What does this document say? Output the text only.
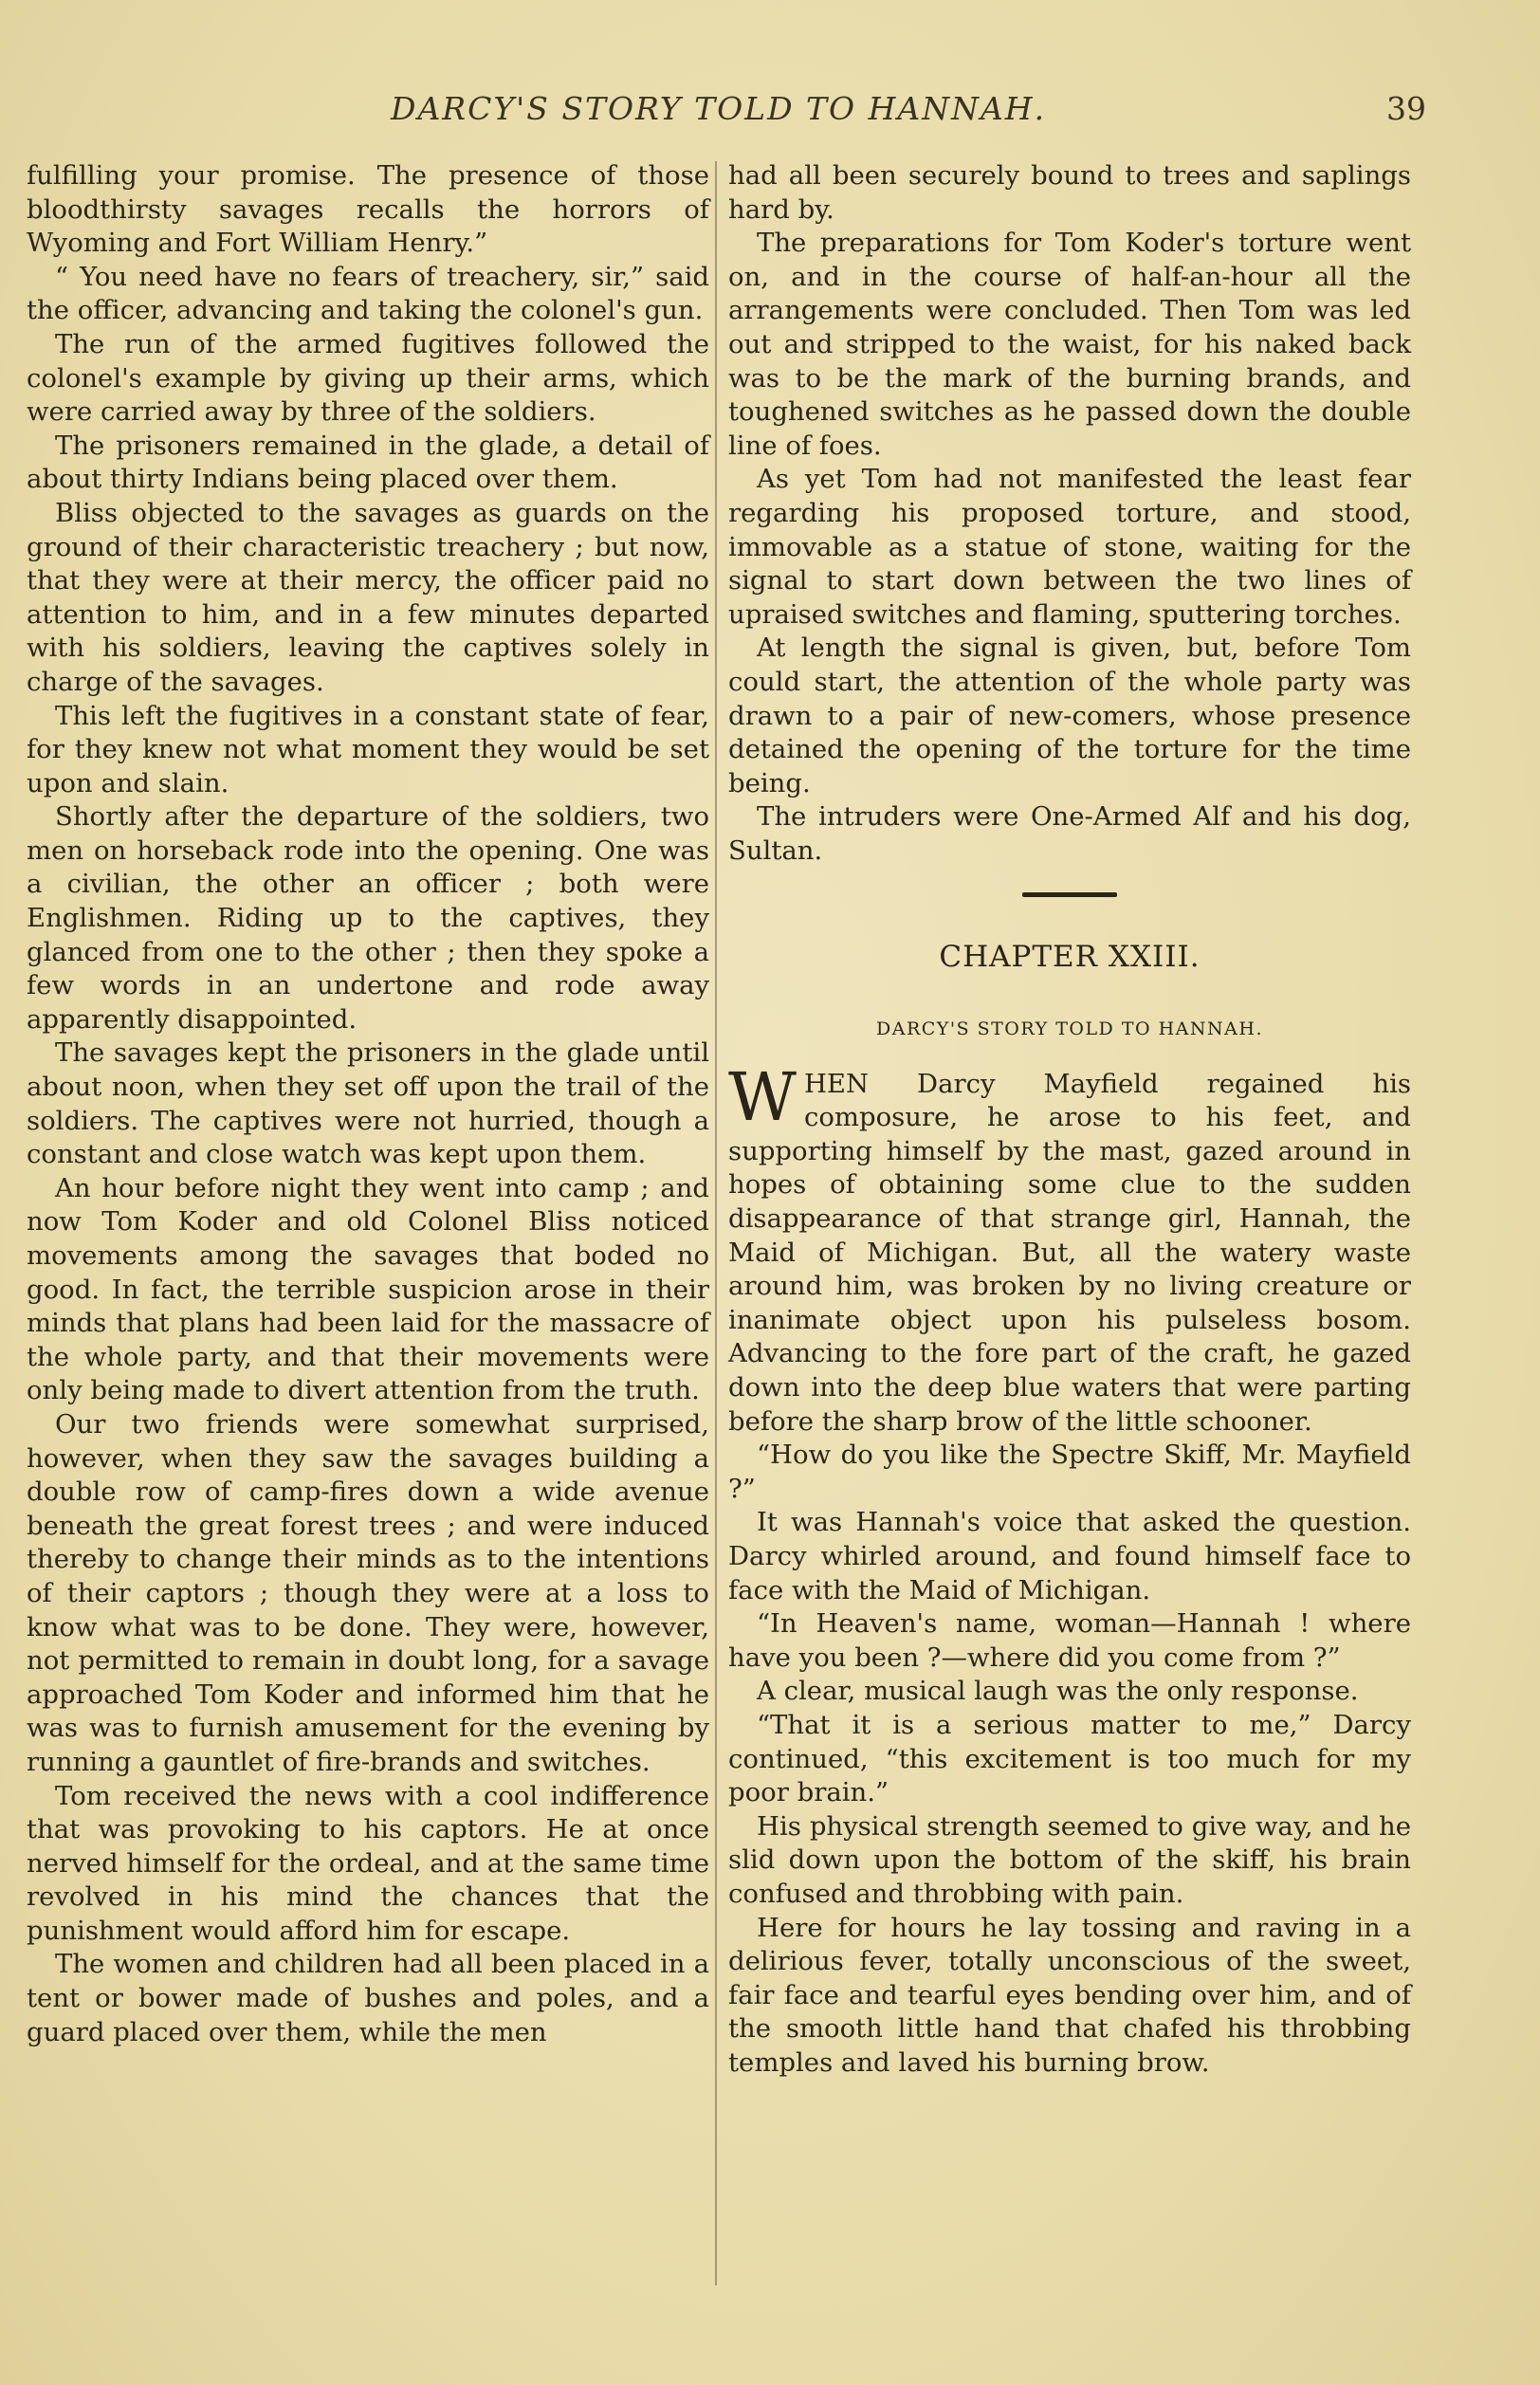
DARCY'S STORY TOLD TO HANNAH.	39

fulfilling your promise. The presence of those bloodthirsty savages recalls the horrors of Wyoming and Fort William Henry.”

“ You need have no fears of treachery, sir,” said the officer, advancing and taking the colonel's gun.

The run of the armed fugitives followed the colonel's example by giving up their arms, which were carried away by three of the soldiers.

The prisoners remained in the glade, a detail of about thirty Indians being placed over them.

Bliss objected to the savages as guards on the ground of their characteristic treachery ; but now, that they were at their mercy, the officer paid no attention to him, and in a few minutes departed with his soldiers, leaving the captives solely in charge of the savages.

This left the fugitives in a constant state of fear, for they knew not what moment they would be set upon and slain.

Shortly after the departure of the soldiers, two men on horseback rode into the opening. One was a civilian, the other an officer ; both were Englishmen. Riding up to the captives, they glanced from one to the other ; then they spoke a few words in an undertone and rode away apparently disappointed.

The savages kept the prisoners in the glade until about noon, when they set off upon the trail of the soldiers. The captives were not hurried, though a constant and close watch was kept upon them.

An hour before night they went into camp ; and now Tom Koder and old Colonel Bliss noticed movements among the savages that boded no good. In fact, the terrible suspicion arose in their minds that plans had been laid for the massacre of the whole party, and that their movements were only being made to divert attention from the truth.

Our two friends were somewhat surprised, however, when they saw the savages building a double row of camp-fires down a wide avenue beneath the great forest trees ; and were induced thereby to change their minds as to the intentions of their captors ; though they were at a loss to know what was to be done. They were, however, not permitted to remain in doubt long, for a savage approached Tom Koder and informed him that he was was to furnish amusement for the evening by running a gauntlet of fire-brands and switches.

Tom received the news with a cool indifference that was provoking to his captors. He at once nerved himself for the ordeal, and at the same time revolved in his mind the chances that the punishment would afford him for escape.

The women and children had all been placed in a tent or bower made of bushes and poles, and a guard placed over them, while the men

had all been securely bound to trees and saplings hard by.

The preparations for Tom Koder's torture went on, and in the course of half-an-hour all the arrangements were concluded. Then Tom was led out and stripped to the waist, for his naked back was to be the mark of the burning brands, and toughened switches as he passed down the double line of foes.

As yet Tom had not manifested the least fear regarding his proposed torture, and stood, immovable as a statue of stone, waiting for the signal to start down between the two lines of upraised switches and flaming, sputtering torches.

At length the signal is given, but, before Tom could start, the attention of the whole party was drawn to a pair of new-comers, whose presence detained the opening of the torture for the time being.

The intruders were One-Armed Alf and his dog, Sultan.

CHAPTER XXIII.
DARCY'S STORY TOLD TO HANNAH.

WHEN Darcy Mayfield regained his composure, he arose to his feet, and supporting himself by the mast, gazed around in hopes of obtaining some clue to the sudden disappearance of that strange girl, Hannah, the Maid of Michigan. But, all the watery waste around him, was broken by no living creature or inanimate object upon his pulseless bosom. Advancing to the fore part of the craft, he gazed down into the deep blue waters that were parting before the sharp brow of the little schooner.

“How do you like the Spectre Skiff, Mr. Mayfield ?”

It was Hannah's voice that asked the question. Darcy whirled around, and found himself face to face with the Maid of Michigan.

“In Heaven's name, woman—Hannah ! where have you been ?—where did you come from ?”

A clear, musical laugh was the only response.

“That it is a serious matter to me,” Darcy continued, “this excitement is too much for my poor brain.”

His physical strength seemed to give way, and he slid down upon the bottom of the skiff, his brain confused and throbbing with pain.

Here for hours he lay tossing and raving in a delirious fever, totally unconscious of the sweet, fair face and tearful eyes bending over him, and of the smooth little hand that chafed his throbbing temples and laved his burning brow.
